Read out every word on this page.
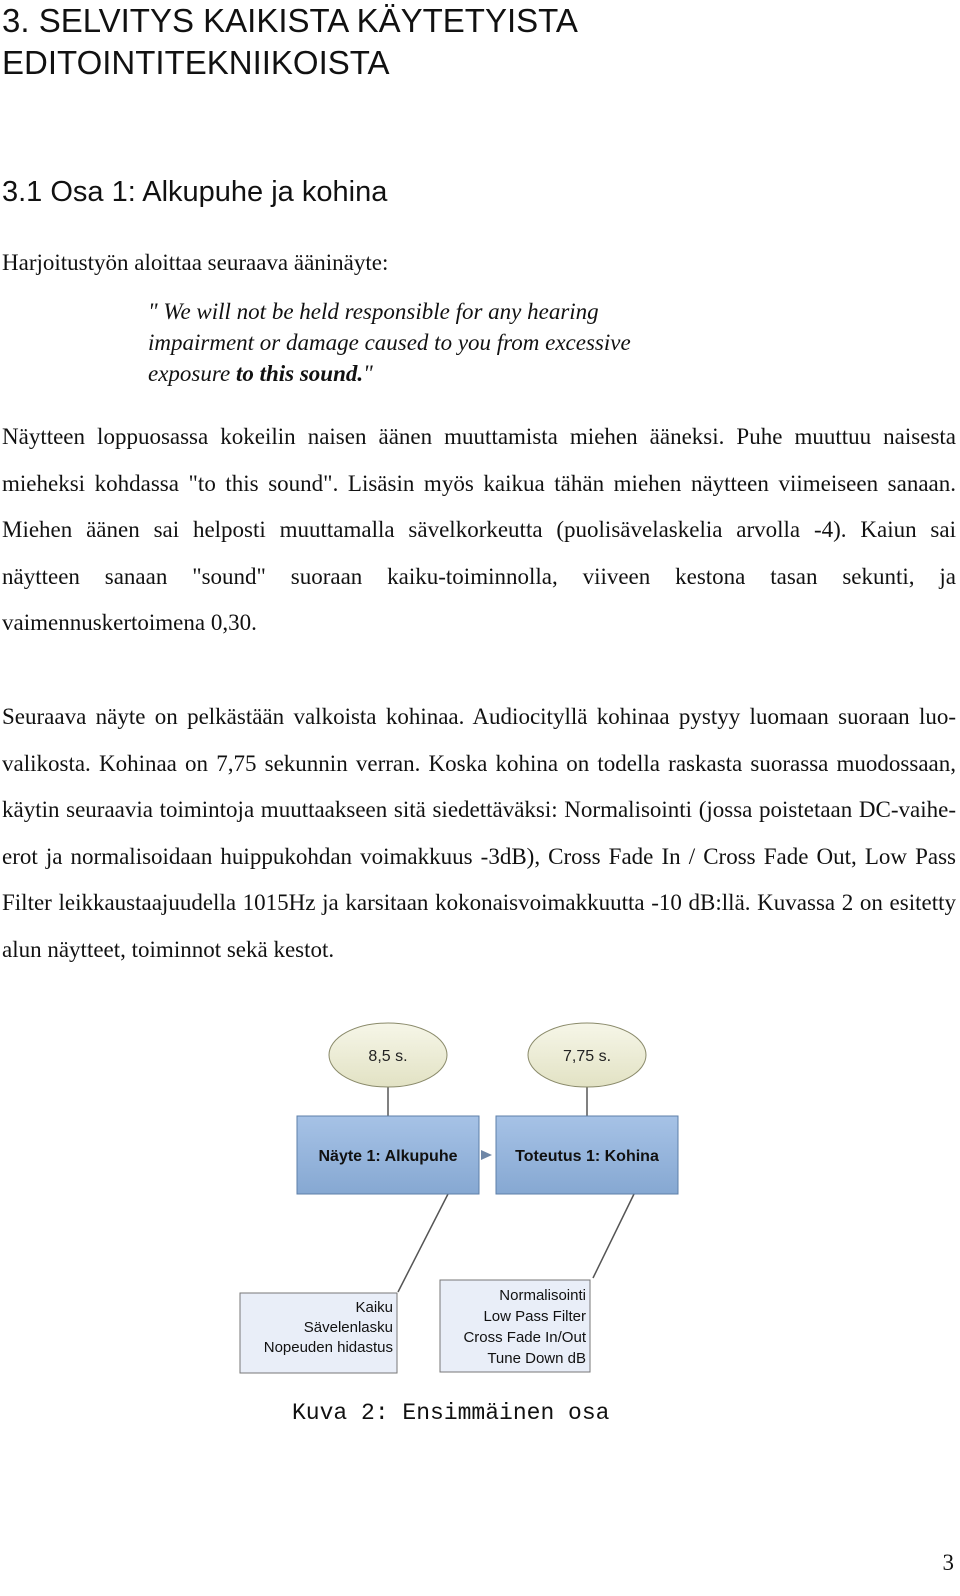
3. SELVITYS KAIKISTA KÄYTETYISTA
EDITOINTITEKNIIKOISTA
3.1 Osa 1: Alkupuhe ja kohina

Harjoitustyön aloittaa seuraava ääninäyte:

" We will not be held responsible for any hearing
impairment or damage caused to you from excessive
exposure to this sound."

Näytteen loppuosassa kokeilin naisen äänen muuttamista miehen ääneksi. Puhe muuttuu naisesta mieheksi kohdassa "to this sound". Lisäsin myös kaikua tähän miehen näytteen viimeiseen sanaan. Miehen äänen sai helposti muuttamalla sävelkorkeutta (puolisävelaskelia arvolla -4). Kaiun sai näytteen sanaan "sound" suoraan kaiku-toiminnolla, viiveen kestona tasan sekunti, ja vaimennuskertoimena 0,30.

Seuraava näyte on pelkästään valkoista kohinaa. Audiocityllä kohinaa pystyy luomaan suoraan luo-valikosta. Kohinaa on 7,75 sekunnin verran. Koska kohina on todella raskasta suorassa muodossaan, käytin seuraavia toimintoja muuttaakseen sitä siedettäväksi: Normalisointi (jossa poistetaan DC-vaihe-erot ja normalisoidaan huippukohdan voimakkuus -3dB), Cross Fade In / Cross Fade Out, Low Pass Filter leikkaustaajuudella 1015Hz ja karsitaan kokonaisvoimakkuutta -10 dB:llä. Kuvassa 2 on esitetty alun näytteet, toiminnot sekä kestot.

8,5 s.	7,75 s.
Näyte 1: Alkupuhe	Toteutus 1: Kohina
Kaiku
Sävelenlasku
Nopeuden hidastus
Normalisointi
Low Pass Filter
Cross Fade In/Out
Tune Down dB

Kuva 2: Ensimmäinen osa

3
